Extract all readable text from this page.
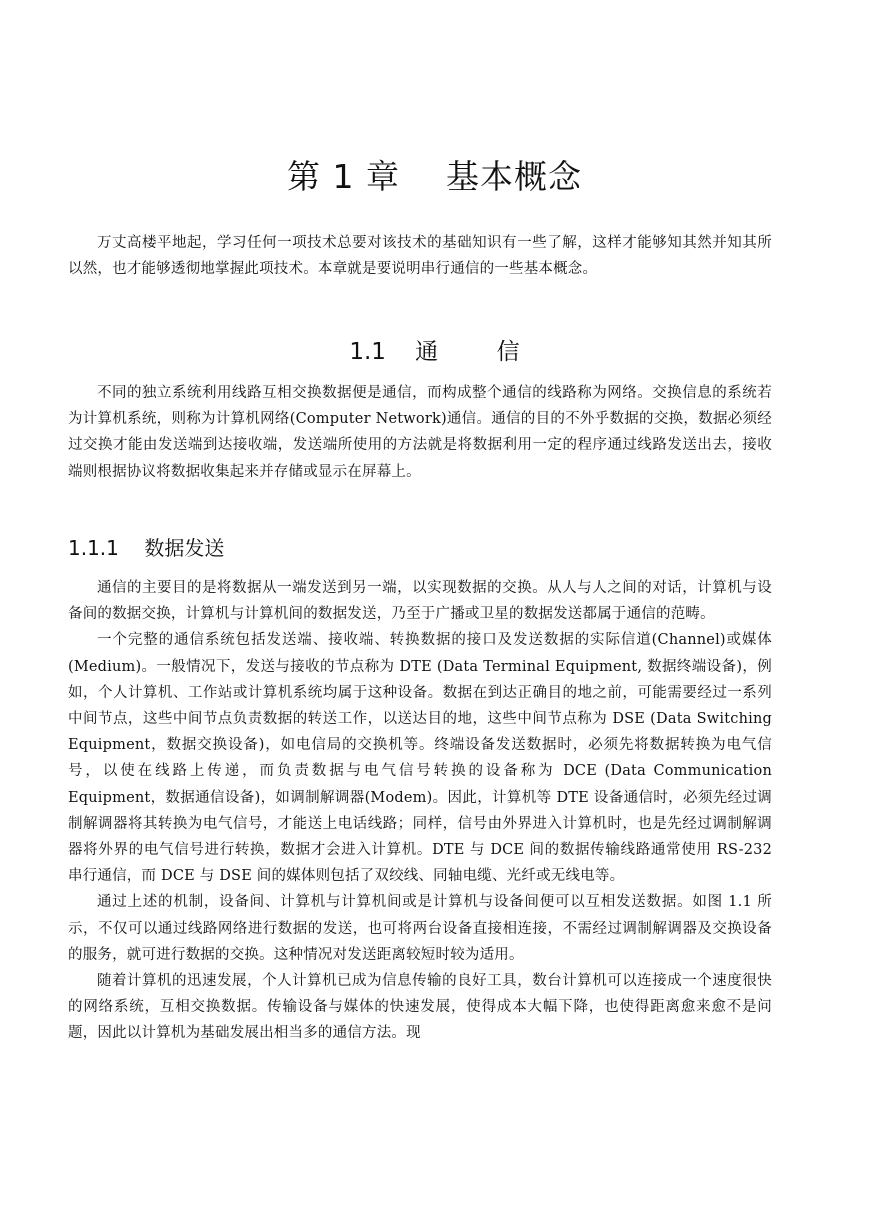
第 1 章    基本概念

万丈高楼平地起，学习任何一项技术总要对该技术的基础知识有一些了解，这样才能够知其然并知其所以然，也才能够透彻地掌握此项技术。本章就是要说明串行通信的一些基本概念。

1.1    通        信

不同的独立系统利用线路互相交换数据便是通信，而构成整个通信的线路称为网络。交换信息的系统若为计算机系统，则称为计算机网络(Computer Network)通信。通信的目的不外乎数据的交换，数据必须经过交换才能由发送端到达接收端，发送端所使用的方法就是将数据利用一定的程序通过线路发送出去，接收端则根据协议将数据收集起来并存储或显示在屏幕上。

1.1.1    数据发送

通信的主要目的是将数据从一端发送到另一端，以实现数据的交换。从人与人之间的对话，计算机与设备间的数据交换，计算机与计算机间的数据发送，乃至于广播或卫星的数据发送都属于通信的范畴。

一个完整的通信系统包括发送端、接收端、转换数据的接口及发送数据的实际信道(Channel)或媒体(Medium)。一般情况下，发送与接收的节点称为 DTE (Data Terminal Equipment, 数据终端设备)，例如，个人计算机、工作站或计算机系统均属于这种设备。数据在到达正确目的地之前，可能需要经过一系列中间节点，这些中间节点负责数据的转送工作，以送达目的地，这些中间节点称为 DSE (Data Switching Equipment，数据交换设备)，如电信局的交换机等。终端设备发送数据时，必须先将数据转换为电气信号，以使在线路上传递，而负责数据与电气信号转换的设备称为 DCE (Data Communication Equipment，数据通信设备)，如调制解调器(Modem)。因此，计算机等 DTE 设备通信时，必须先经过调制解调器将其转换为电气信号，才能送上电话线路；同样，信号由外界进入计算机时，也是先经过调制解调器将外界的电气信号进行转换，数据才会进入计算机。DTE 与 DCE 间的数据传输线路通常使用 RS-232 串行通信，而 DCE 与 DSE 间的媒体则包括了双绞线、同轴电缆、光纤或无线电等。

通过上述的机制，设备间、计算机与计算机间或是计算机与设备间便可以互相发送数据。如图 1.1 所示，不仅可以通过线路网络进行数据的发送，也可将两台设备直接相连接，不需经过调制解调器及交换设备的服务，就可进行数据的交换。这种情况对发送距离较短时较为适用。

随着计算机的迅速发展，个人计算机已成为信息传输的良好工具，数台计算机可以连接成一个速度很快的网络系统，互相交换数据。传输设备与媒体的快速发展，使得成本大幅下降，也使得距离愈来愈不是问题，因此以计算机为基础发展出相当多的通信方法。现
